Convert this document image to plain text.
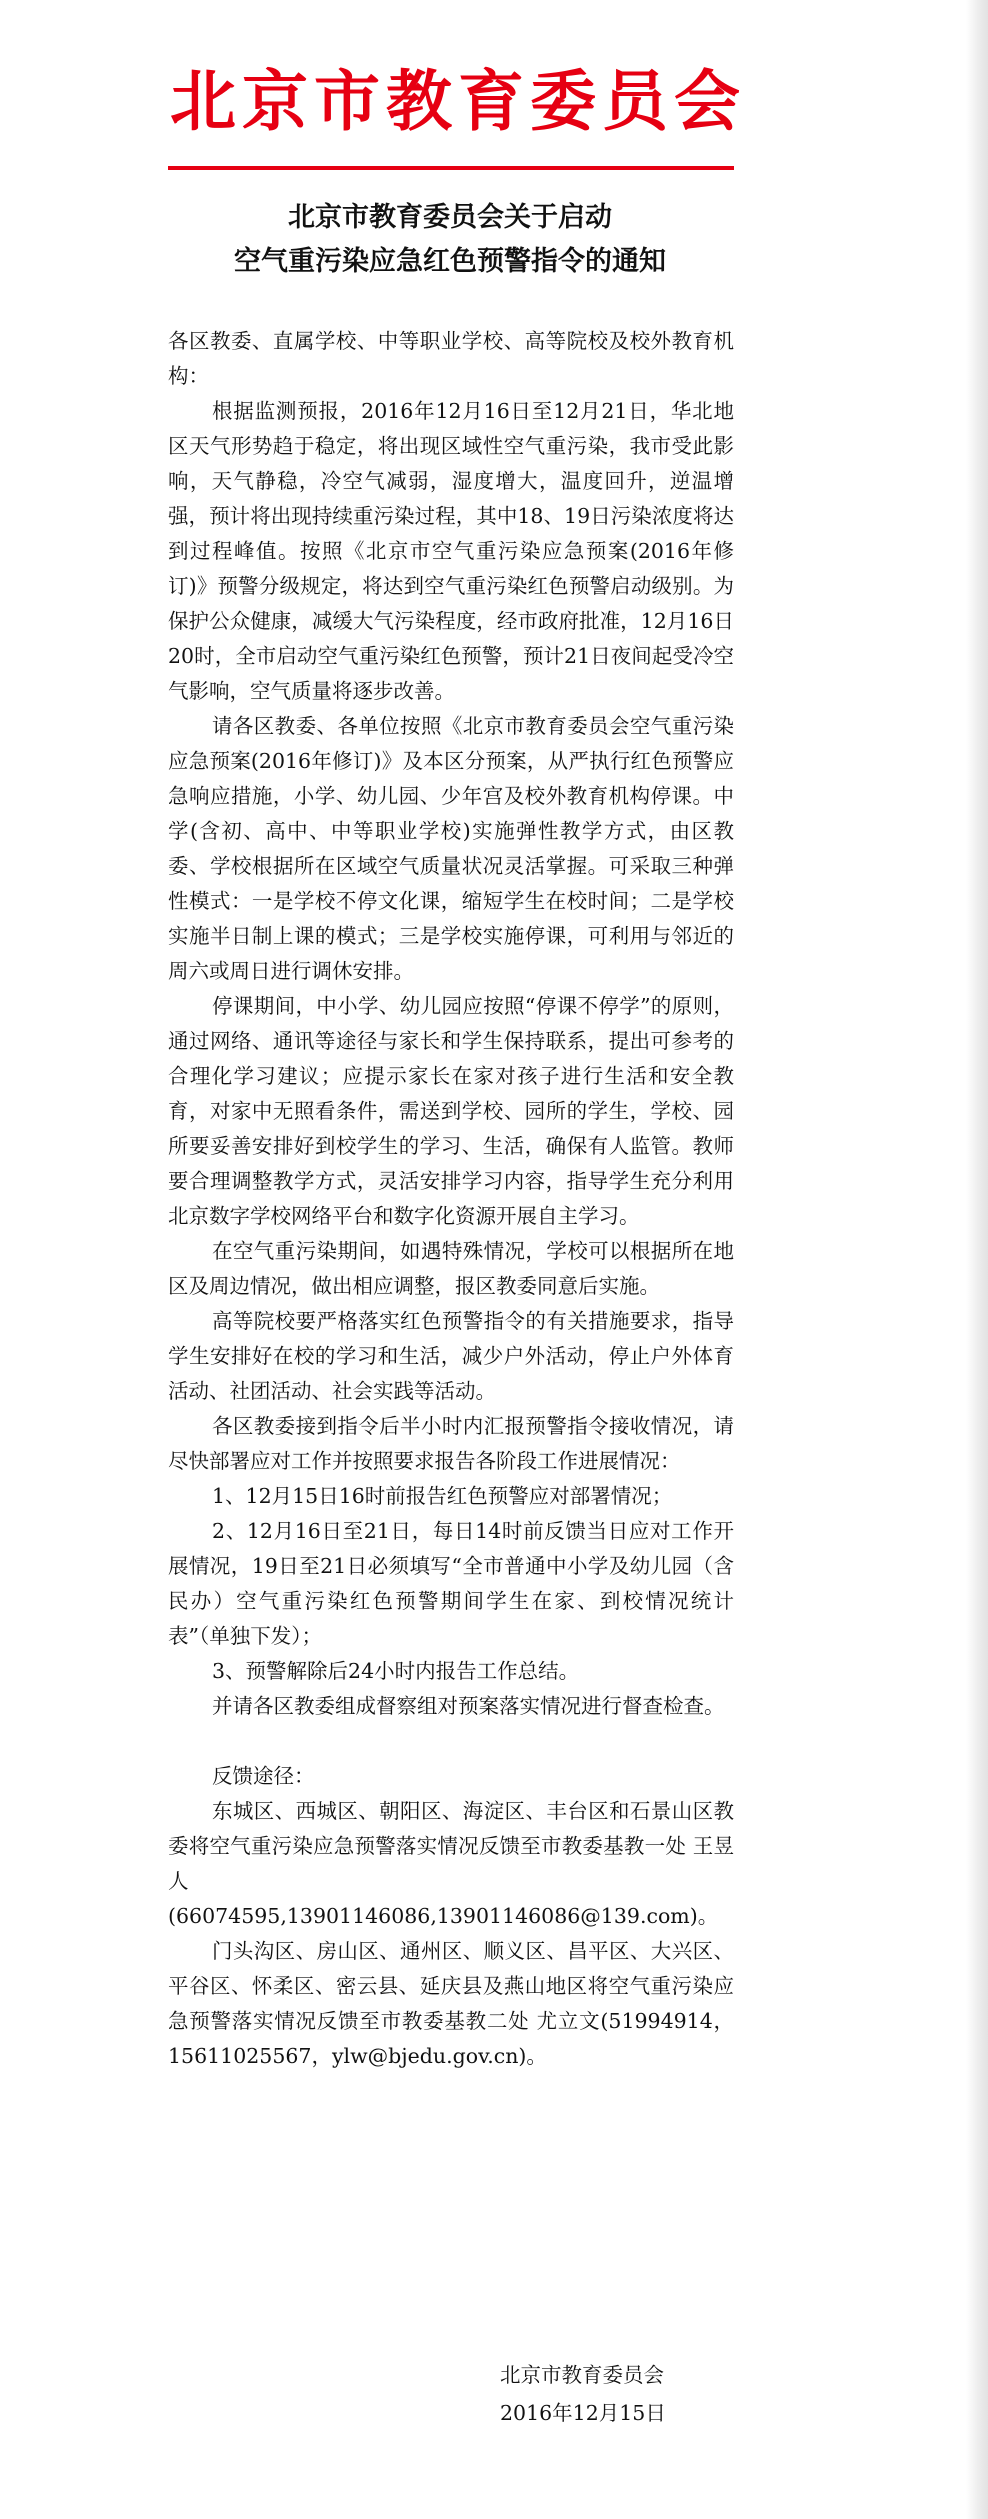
北京市教育委员会
北京市教育委员会关于启动
空气重污染应急红色预警指令的通知

各区教委、直属学校、中等职业学校、高等院校及校外教育机构：

根据监测预报，2016年12月16日至12月21日，华北地区天气形势趋于稳定，将出现区域性空气重污染，我市受此影响，天气静稳，冷空气减弱，湿度增大，温度回升，逆温增强，预计将出现持续重污染过程，其中18、19日污染浓度将达到过程峰值。按照《北京市空气重污染应急预案(2016年修订)》预警分级规定，将达到空气重污染红色预警启动级别。为保护公众健康，减缓大气污染程度，经市政府批准，12月16日20时，全市启动空气重污染红色预警，预计21日夜间起受冷空气影响，空气质量将逐步改善。

请各区教委、各单位按照《北京市教育委员会空气重污染应急预案(2016年修订)》及本区分预案，从严执行红色预警应急响应措施，小学、幼儿园、少年宫及校外教育机构停课。中学(含初、高中、中等职业学校)实施弹性教学方式，由区教委、学校根据所在区域空气质量状况灵活掌握。可采取三种弹性模式：一是学校不停文化课，缩短学生在校时间；二是学校实施半日制上课的模式；三是学校实施停课，可利用与邻近的周六或周日进行调休安排。

停课期间，中小学、幼儿园应按照“停课不停学”的原则，通过网络、通讯等途径与家长和学生保持联系，提出可参考的合理化学习建议；应提示家长在家对孩子进行生活和安全教育，对家中无照看条件，需送到学校、园所的学生，学校、园所要妥善安排好到校学生的学习、生活，确保有人监管。教师要合理调整教学方式，灵活安排学习内容，指导学生充分利用北京数字学校网络平台和数字化资源开展自主学习。

在空气重污染期间，如遇特殊情况，学校可以根据所在地区及周边情况，做出相应调整，报区教委同意后实施。

高等院校要严格落实红色预警指令的有关措施要求，指导学生安排好在校的学习和生活，减少户外活动，停止户外体育活动、社团活动、社会实践等活动。

各区教委接到指令后半小时内汇报预警指令接收情况，请尽快部署应对工作并按照要求报告各阶段工作进展情况：

1、12月15日16时前报告红色预警应对部署情况；

2、12月16日至21日，每日14时前反馈当日应对工作开展情况，19日至21日必须填写“全市普通中小学及幼儿园（含民办）空气重污染红色预警期间学生在家、到校情况统计表”（单独下发）；

3、预警解除后24小时内报告工作总结。

并请各区教委组成督察组对预案落实情况进行督查检查。

反馈途径：

东城区、西城区、朝阳区、海淀区、丰台区和石景山区教委将空气重污染应急预警落实情况反馈至市教委基教一处 王昱人(66074595,13901146086,13901146086@139.com)。

门头沟区、房山区、通州区、顺义区、昌平区、大兴区、平谷区、怀柔区、密云县、延庆县及燕山地区将空气重污染应急预警落实情况反馈至市教委基教二处 尤立文(51994914，15611025567，ylw@bjedu.gov.cn)。

北京市教育委员会
2016年12月15日
